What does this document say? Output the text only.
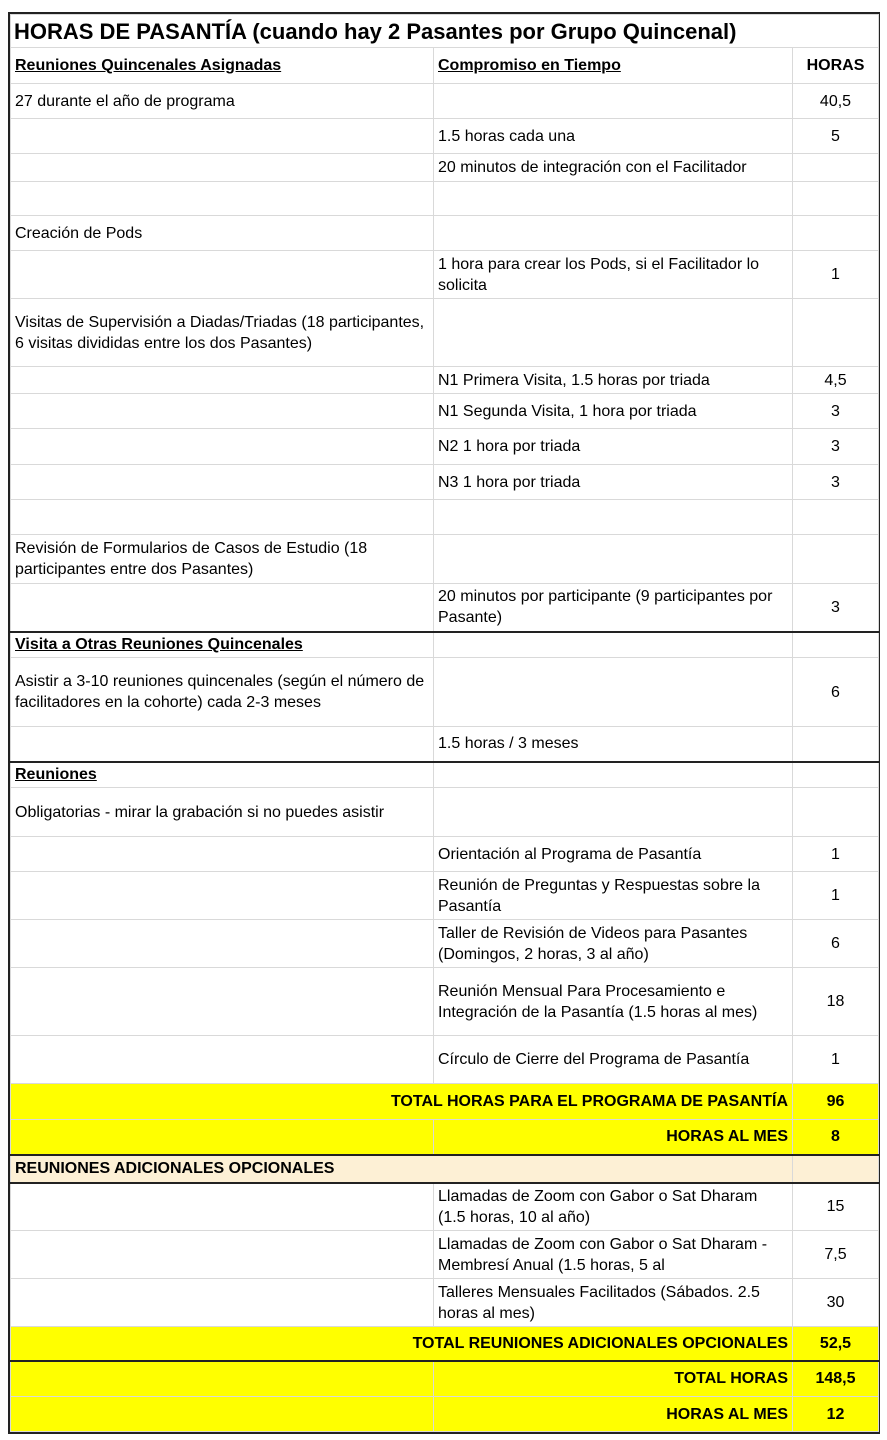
HORAS DE PASANTÍA (cuando hay 2 Pasantes por Grupo Quincenal)		
Reuniones Quincenales Asignadas	Compromiso en Tiempo	HORAS
27 durante el año de programa		40,5
	1.5 horas cada una	5
	20 minutos de integración con el Facilitador	

Creación de Pods		
	1 hora para crear los Pods, si el Facilitador lo solicita	1
Visitas de Supervisión a Diadas/Triadas (18 participantes, 6 visitas divididas entre los dos Pasantes)		
	N1 Primera Visita, 1.5 horas por triada	4,5
	N1 Segunda Visita, 1 hora por triada	3
	N2 1 hora por triada	3
	N3 1 hora por triada	3

Revisión de Formularios de Casos de Estudio (18 participantes entre dos Pasantes)		
	20 minutos por participante (9 participantes por Pasante)	3
Visita a Otras Reuniones Quincenales		
Asistir a 3-10 reuniones quincenales (según el número de facilitadores en la cohorte) cada 2-3 meses		6
	1.5 horas / 3 meses	
Reuniones		
Obligatorias - mirar la grabación si no puedes asistir		
	Orientación al Programa de Pasantía	1
	Reunión de Preguntas y Respuestas sobre la Pasantía	1
	Taller de Revisión de Videos para Pasantes (Domingos, 2 horas, 3 al año)	6
	Reunión Mensual Para Procesamiento e Integración de la Pasantía (1.5 horas al mes)	18
	Círculo de Cierre del Programa de Pasantía	1
TOTAL HORAS PARA EL PROGRAMA DE PASANTÍA		96
	HORAS AL MES	8
REUNIONES ADICIONALES OPCIONALES		
	Llamadas de Zoom con Gabor o Sat Dharam (1.5 horas, 10 al año)	15
	Llamadas de Zoom con Gabor o Sat Dharam - Membresí Anual (1.5 horas, 5 al	7,5
	Talleres Mensuales Facilitados (Sábados. 2.5 horas al mes)	30
TOTAL REUNIONES ADICIONALES OPCIONALES		52,5
	TOTAL HORAS	148,5
	HORAS AL MES	12
